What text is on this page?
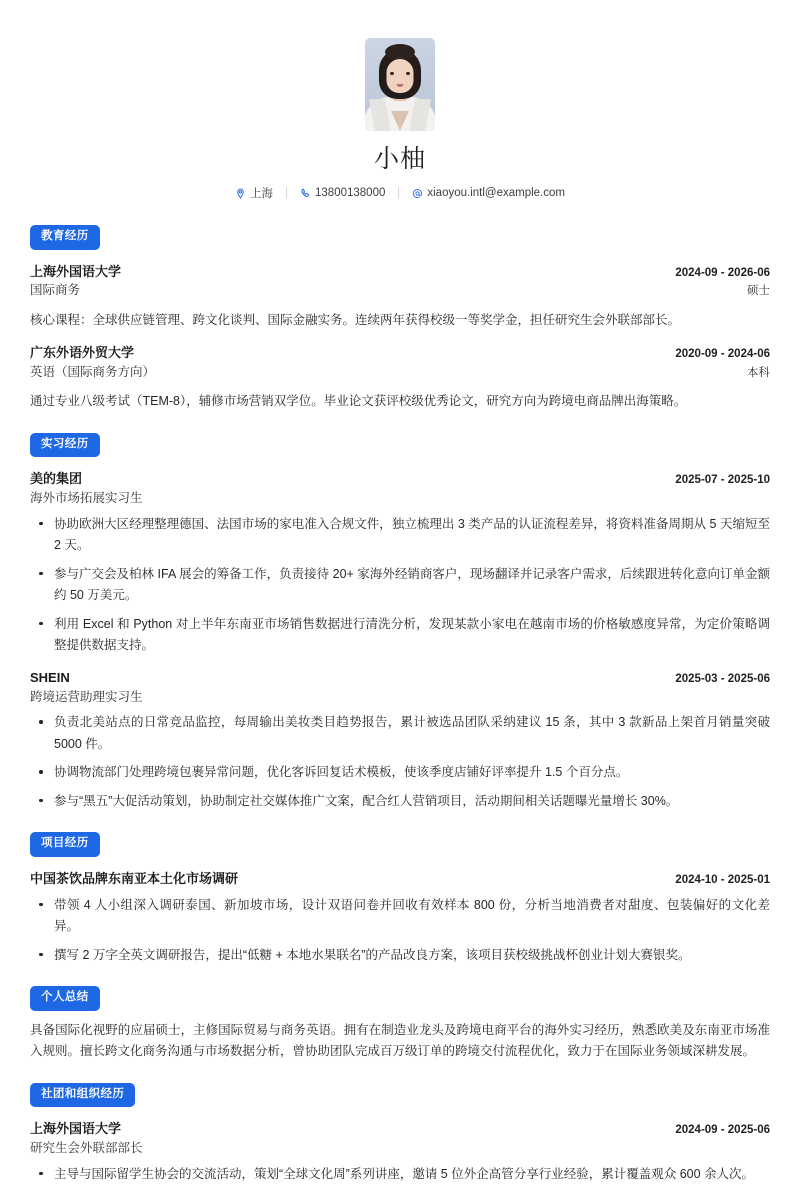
小柚
上海	13800138000	xiaoyou.intl@example.com
教育经历
上海外国语大学	2024-09 - 2026-06
国际商务	硕士
核心课程：全球供应链管理、跨文化谈判、国际金融实务。连续两年获得校级一等奖学金，担任研究生会外联部部长。
广东外语外贸大学	2020-09 - 2024-06
英语（国际商务方向）	本科
通过专业八级考试（TEM-8），辅修市场营销双学位。毕业论文获评校级优秀论文，研究方向为跨境电商品牌出海策略。
实习经历
美的集团	2025-07 - 2025-10
海外市场拓展实习生
协助欧洲大区经理整理德国、法国市场的家电准入合规文件，独立梳理出 3 类产品的认证流程差异，将资料准备周期从 5 天缩短至 2 天。
参与广交会及柏林 IFA 展会的筹备工作，负责接待 20+ 家海外经销商客户，现场翻译并记录客户需求，后续跟进转化意向订单金额约 50 万美元。
利用 Excel 和 Python 对上半年东南亚市场销售数据进行清洗分析，发现某款小家电在越南市场的价格敏感度异常，为定价策略调整提供数据支持。
SHEIN	2025-03 - 2025-06
跨境运营助理实习生
负责北美站点的日常竞品监控，每周输出美妆类目趋势报告，累计被选品团队采纳建议 15 条，其中 3 款新品上架首月销量突破 5000 件。
协调物流部门处理跨境包裹异常问题，优化客诉回复话术模板，使该季度店铺好评率提升 1.5 个百分点。
参与“黑五”大促活动策划，协助制定社交媒体推广文案，配合红人营销项目，活动期间相关话题曝光量增长 30%。
项目经历
中国茶饮品牌东南亚本土化市场调研	2024-10 - 2025-01
带领 4 人小组深入调研泰国、新加坡市场，设计双语问卷并回收有效样本 800 份，分析当地消费者对甜度、包装偏好的文化差异。
撰写 2 万字全英文调研报告，提出“低糖 + 本地水果联名”的产品改良方案，该项目获校级挑战杯创业计划大赛银奖。
个人总结
具备国际化视野的应届硕士，主修国际贸易与商务英语。拥有在制造业龙头及跨境电商平台的海外实习经历，熟悉欧美及东南亚市场准入规则。擅长跨文化商务沟通与市场数据分析，曾协助团队完成百万级订单的跨境交付流程优化，致力于在国际业务领域深耕发展。
社团和组织经历
上海外国语大学	2024-09 - 2025-06
研究生会外联部部长
主导与国际留学生协会的交流活动，策划“全球文化周”系列讲座，邀请 5 位外企高管分享行业经验，累计覆盖观众 600 余人次。
